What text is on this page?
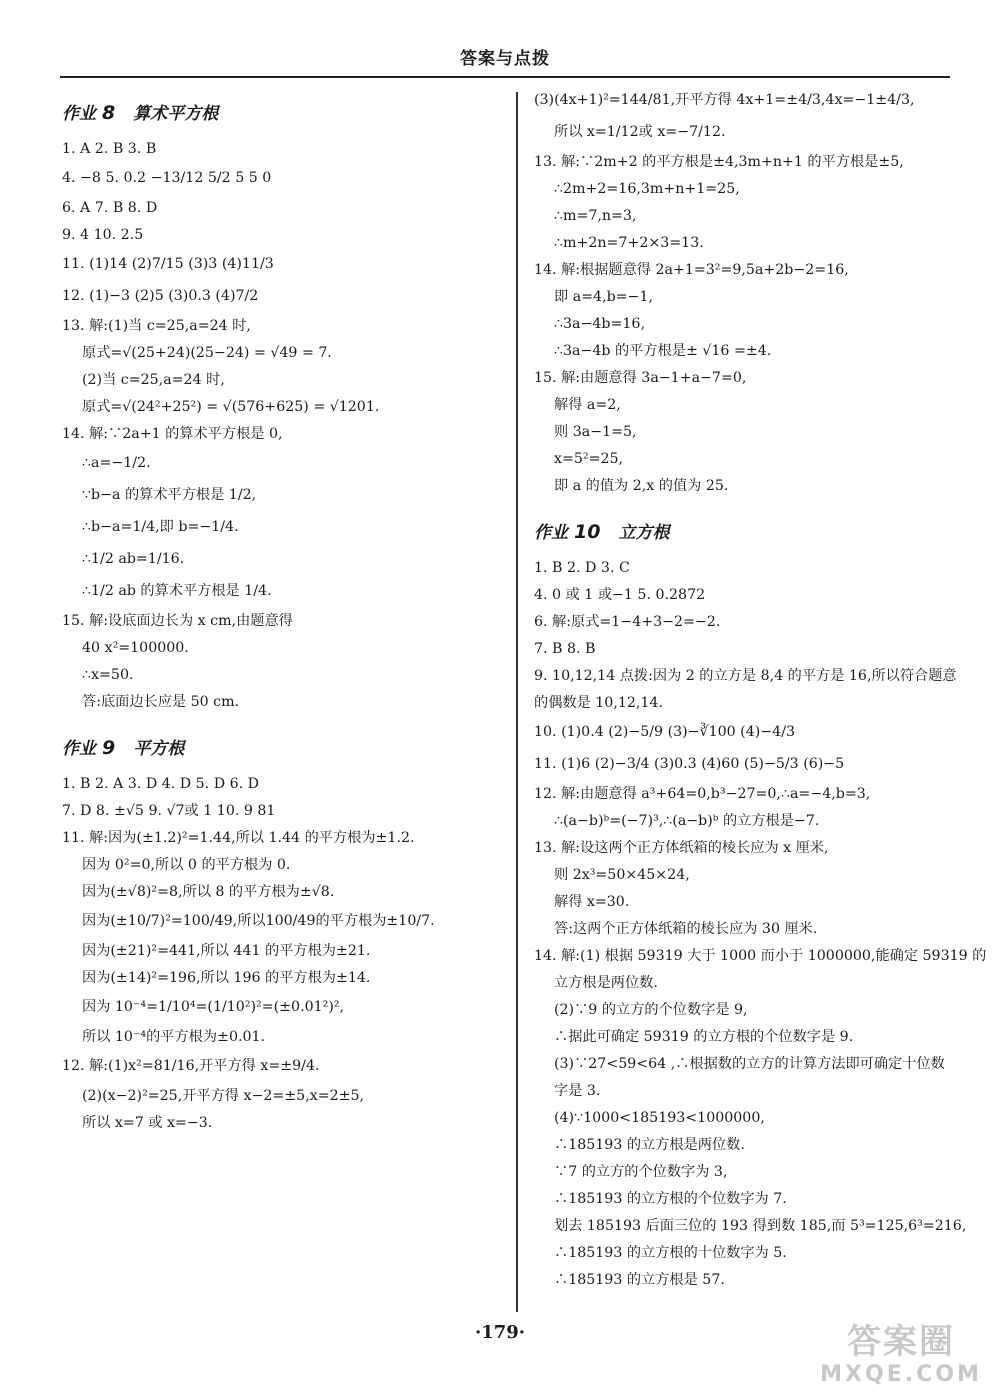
答案与点拨
作业 8 算术平方根
1. A 2. B 3. B
4. −8 5. 0.2 −13/12 5/2 5 5 0
6. A 7. B 8. D
9. 4 10. 2.5
11. (1)14 (2)7/15 (3)3 (4)11/3
12. (1)−3 (2)5 (3)0.3 (4)7/2
13. 解:(1)当 c=25,a=24 时,
原式=√(25+24)(25−24) = √49 = 7.
(2)当 c=25,a=24 时,
原式=√(24²+25²) = √(576+625) = √1201.
14. 解:∵2a+1 的算术平方根是 0,
∴a=−1/2.
∵b−a 的算术平方根是 1/2,
∴b−a=1/4,即 b=−1/4.
∴1/2 ab=1/16.
∴1/2 ab 的算术平方根是 1/4.
15. 解:设底面边长为 x cm,由题意得
40 x²=100000.
∴x=50.
答:底面边长应是 50 cm.
作业 9 平方根
1. B 2. A 3. D 4. D 5. D 6. D
7. D 8. ±√5 9. √7或 1 10. 9 81
11. 解:因为(±1.2)²=1.44,所以 1.44 的平方根为±1.2.
因为 0²=0,所以 0 的平方根为 0.
因为(±√8)²=8,所以 8 的平方根为±√8.
因为(±10/7)²=100/49,所以100/49的平方根为±10/7.
因为(±21)²=441,所以 441 的平方根为±21.
因为(±14)²=196,所以 196 的平方根为±14.
因为 10⁻⁴=1/10⁴=(1/10²)²=(±0.01²)²,
所以 10⁻⁴的平方根为±0.01.
12. 解:(1)x²=81/16,开平方得 x=±9/4.
(2)(x−2)²=25,开平方得 x−2=±5,x=2±5,
所以 x=7 或 x=−3.
(3)(4x+1)²=144/81,开平方得 4x+1=±4/3,4x=−1±4/3,
所以 x=1/12或 x=−7/12.
13. 解:∵2m+2 的平方根是±4,3m+n+1 的平方根是±5,
∴2m+2=16,3m+n+1=25,
∴m=7,n=3,
∴m+2n=7+2×3=13.
14. 解:根据题意得 2a+1=3²=9,5a+2b−2=16,
即 a=4,b=−1,
∴3a−4b=16,
∴3a−4b 的平方根是± √16 =±4.
15. 解:由题意得 3a−1+a−7=0,
解得 a=2,
则 3a−1=5,
x=5²=25,
即 a 的值为 2,x 的值为 25.
作业 10 立方根
1. B 2. D 3. C
4. 0 或 1 或−1 5. 0.2872
6. 解:原式=1−4+3−2=−2.
7. B 8. B
9. 10,12,14 点拨:因为 2 的立方是 8,4 的平方是 16,所以符合题意
的偶数是 10,12,14.
10. (1)0.4 (2)−5/9 (3)−∛100 (4)−4/3
11. (1)6 (2)−3/4 (3)0.3 (4)60 (5)−5/3 (6)−5
12. 解:由题意得 a³+64=0,b³−27=0,∴a=−4,b=3,
∴(a−b)ᵇ=(−7)³,∴(a−b)ᵇ 的立方根是−7.
13. 解:设这两个正方体纸箱的棱长应为 x 厘米,
则 2x³=50×45×24,
解得 x=30.
答:这两个正方体纸箱的棱长应为 30 厘米.
14. 解:(1) 根据 59319 大于 1000 而小于 1000000,能确定 59319 的
立方根是两位数.
(2)∵9 的立方的个位数字是 9,
∴据此可确定 59319 的立方根的个位数字是 9.
(3)∵27<59<64 ,∴根据数的立方的计算方法即可确定十位数
字是 3.
(4)∵1000<185193<1000000,
∴185193 的立方根是两位数.
∵7 的立方的个位数字为 3,
∴185193 的立方根的个位数字为 7.
划去 185193 后面三位的 193 得到数 185,而 5³=125,6³=216,
∴185193 的立方根的十位数字为 5.
∴185193 的立方根是 57.
·179·	答案圈
MXQE.COM
